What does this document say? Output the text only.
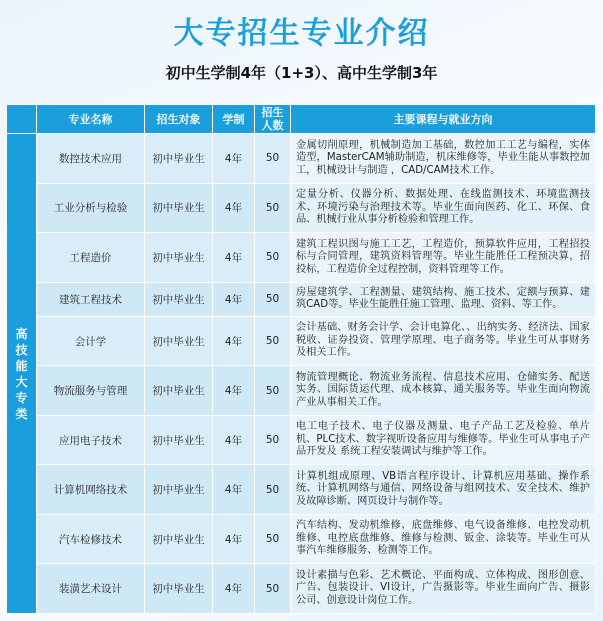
大专招生专业介绍
初中生学制4年（1+3）、高中生学制3年
	专业名称	招生对象	学制	招生人数	主要课程与就业方向

高技能大专类	数控技术应用	初中毕业生	4年	50	金属切削原理，机械制造加工基础，数控加工工艺与编程，实体造型，MasterCAM辅助制造，机床维修等，毕业生能从事数控加工，机械设计与制造 ，CAD/CAM技术工作。
	工业分析与检验	初中毕业生	4年	50	定量分析、仪器分析、数据处理、在线监测技术、环境监测技术、环境污染与治理技术等。毕业生面向医药、化工、环保、食品、机械行业从事分析检验和管理工作。
	工程造价	初中毕业生	4年	50	建筑工程识图与施工工艺，工程造价，预算软件应用，工程招投标与合同管理，建筑资料管理等。毕业生能胜任工程预决算，招投标，工程造价全过程控制，资料管理等工作。
	建筑工程技术	初中毕业生	4年	50	房屋建筑学、工程测量、建筑结构、施工技术、定额与预算、建筑CAD等。毕业生能胜任施工管理、监理、资料、等工作。
	会计学	初中毕业生	4年	50	会计基础、财务会计学、会计电算化、、出纳实务、经济法、国家税收、证券投资、管理学原理、电子商务等。毕业生可从事财务及相关工作。
	物流服务与管理	初中毕业生	4年	50	物流管理概论、物流业务流程、信息技术应用、仓储实务、配送实务、国际货运代理、成本核算、通关服务等。毕业生面向物流产业从事相关工作。
	应用电子技术	初中毕业生	4年	50	电工电子技术、电子仪器及测量、电子产品工艺及检验、单片机、PLC技术、数字视听设备应用与维修等。毕业生可从事电子产品开发及 系统工程安装调试与维护等工作。
	计算机网络技术	初中毕业生	4年	50	计算机组成原理、VB语言程序设计、计算机应用基础、操作系统、计算机网络与通信、网络设备与组网技术、安全技术、维护及故障诊断、网页设计与制作等。
	汽车检修技术	初中毕业生	4年	50	汽车结构、发动机维修、底盘维修、电气设备维修、电控发动机维修、电控底盘维修、维修与检测、钣金、涂装等。毕业生可从事汽车维修服务、检测等工作。
	装潢艺术设计	初中毕业生	4年	50	设计素描与色彩、艺术概论、平面构成、立体构成、图形创意、广告、包装设计、VI设计，广告摄影等。毕业生面向广告、摄影公司、创意设计岗位工作。
